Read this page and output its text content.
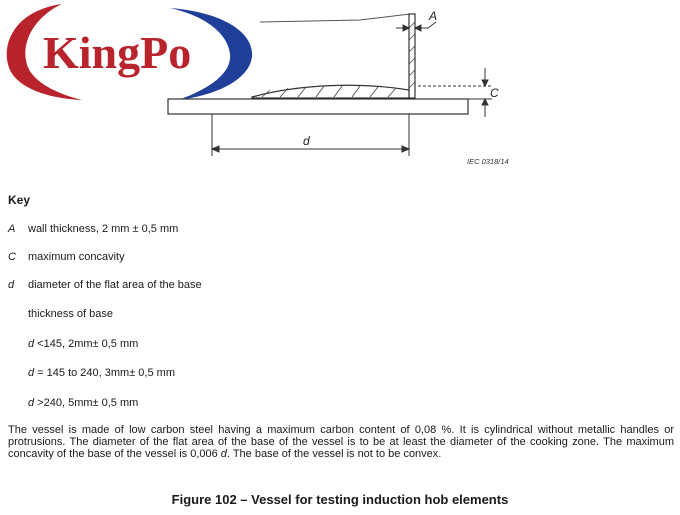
KingPo
A
C
d
IEC 0318/14
Key
A wall thickness, 2 mm ± 0,5 mm
C maximum concavity
d diameter of the flat area of the base
thickness of base
d <145, 2mm± 0,5 mm
d = 145 to 240, 3mm± 0,5 mm
d >240, 5mm± 0,5 mm
The vessel is made of low carbon steel having a maximum carbon content of 0,08 %. It is cylindrical without metallic handles or protrusions. The diameter of the flat area of the base of the vessel is to be at least the diameter of the cooking zone. The maximum concavity of the base of the vessel is 0,006 d. The base of the vessel is not to be convex.
Figure 102 – Vessel for testing induction hob elements
